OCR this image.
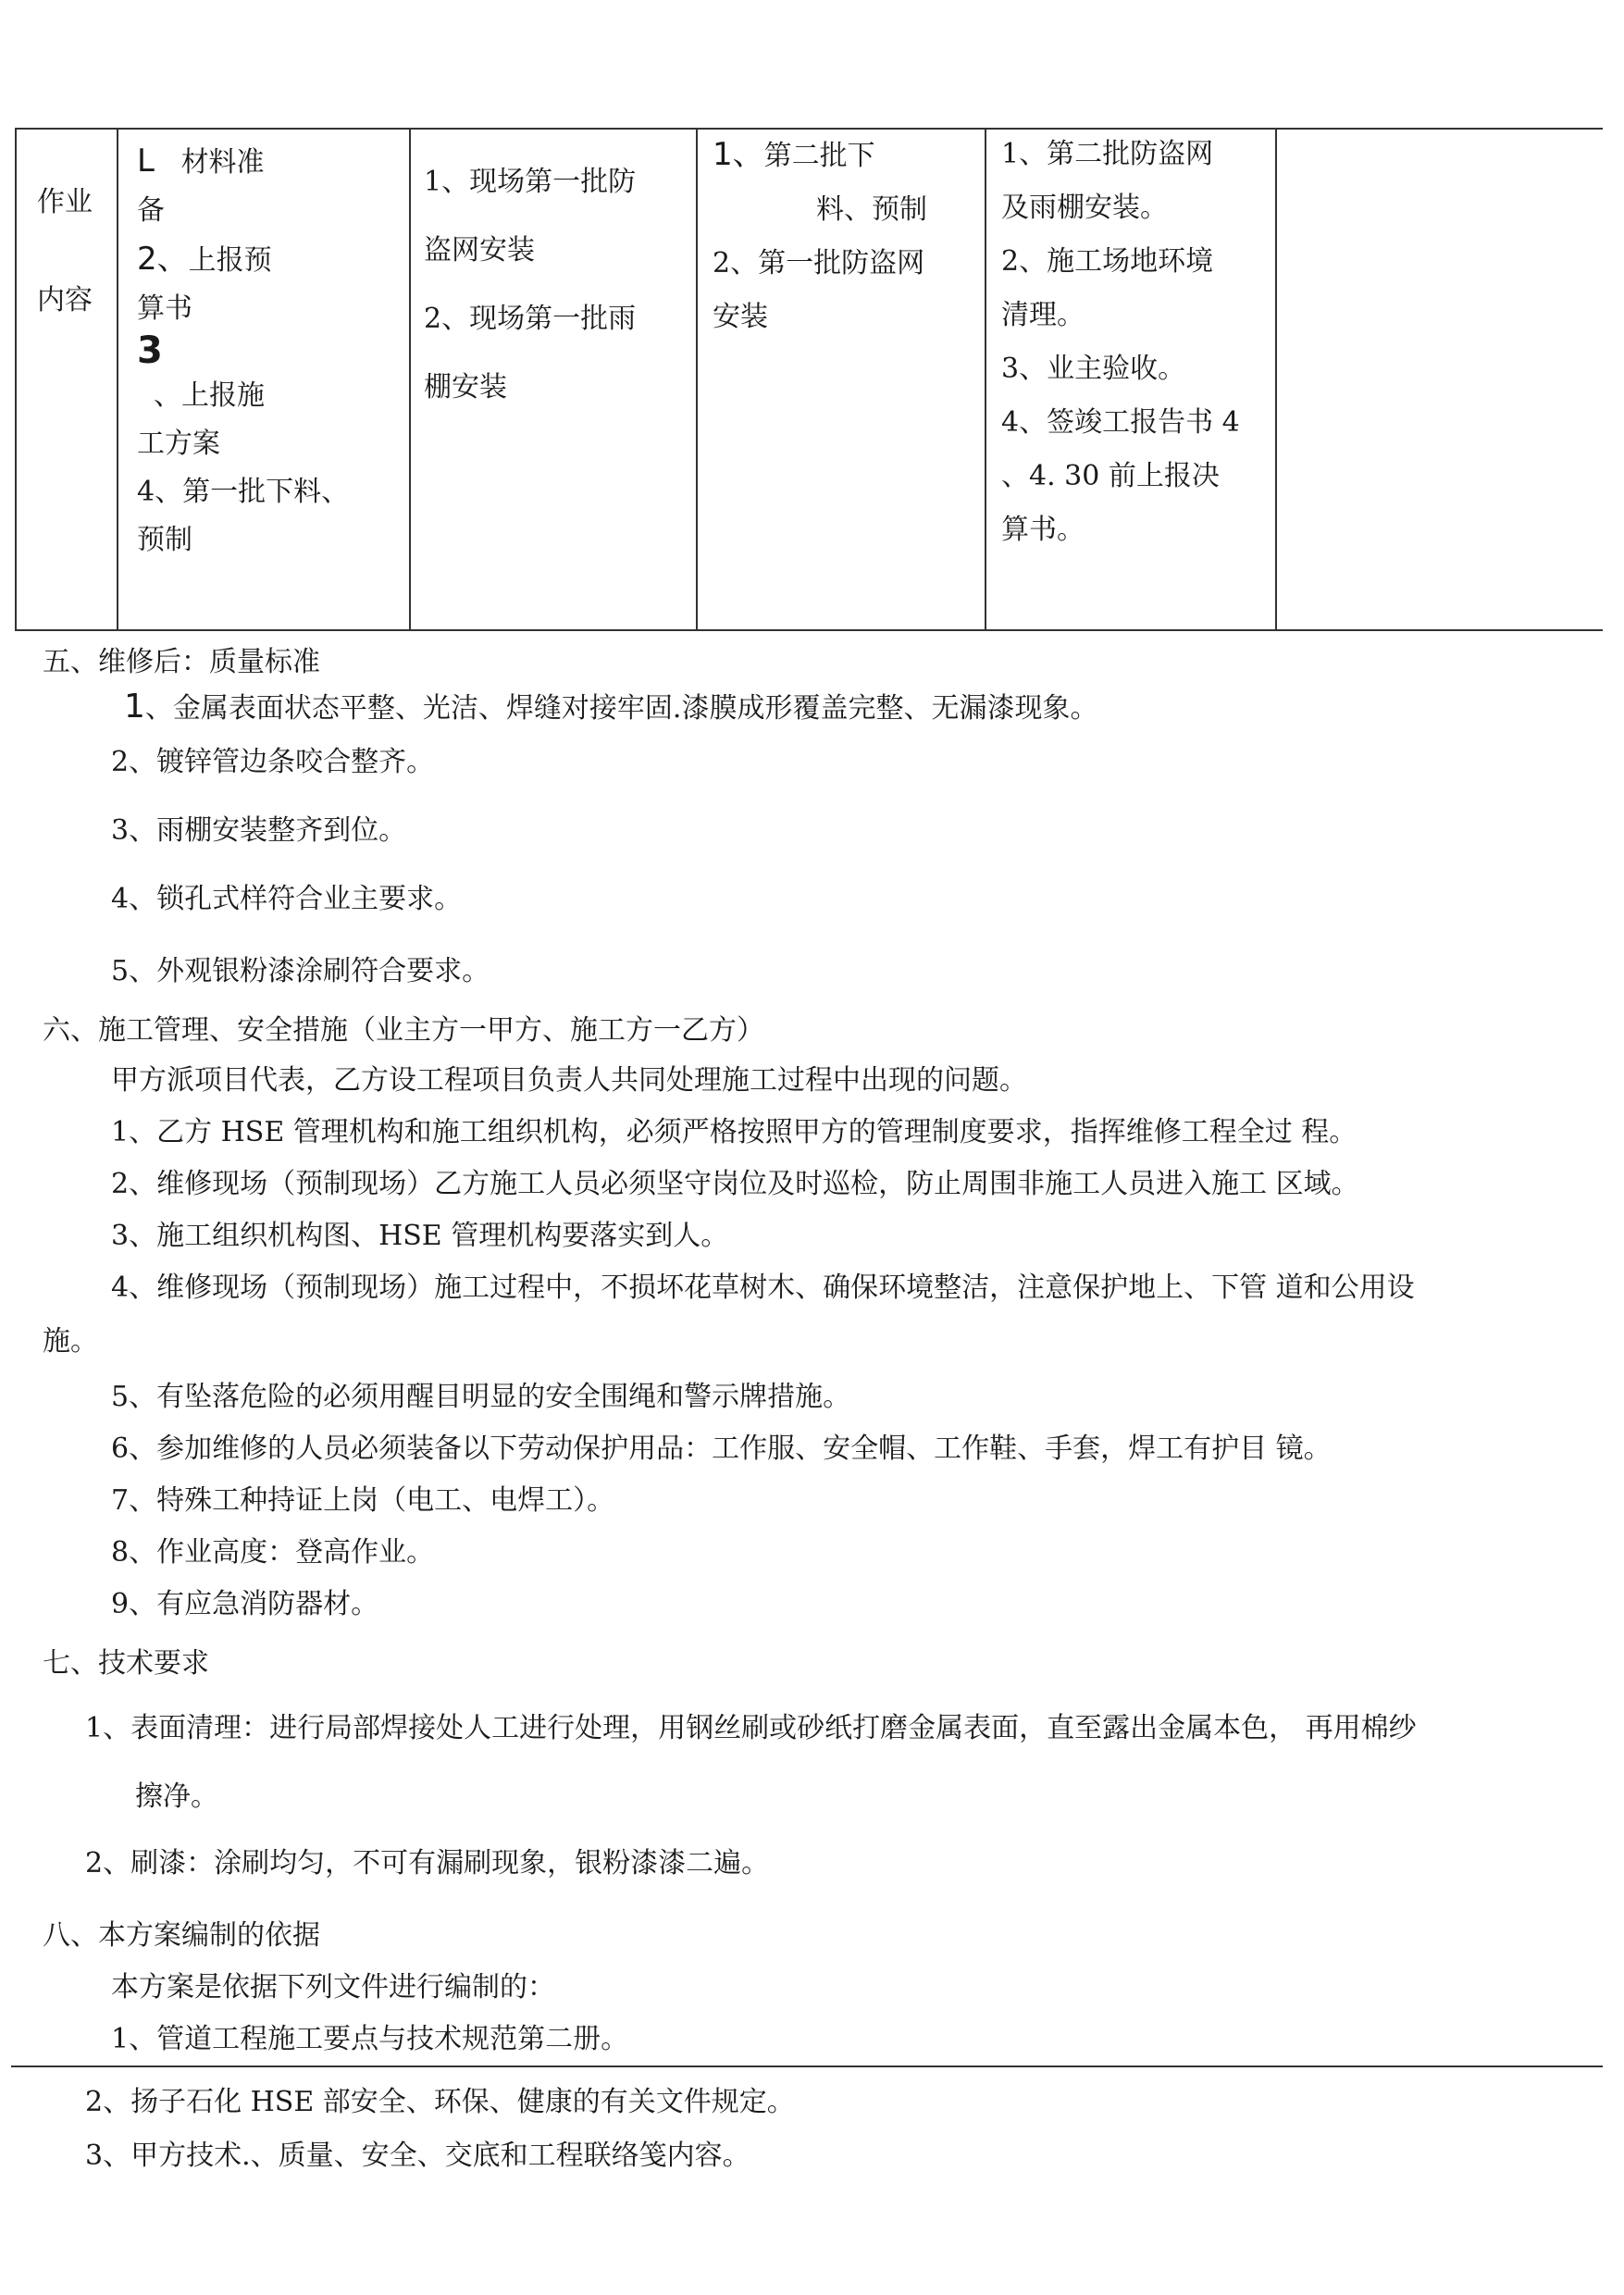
作业
内容
L 材料准
备
2、上报预
算书
3
、上报施
工方案
4、第一批下料、
预制
1、现场第一批防
盗网安装
2、现场第一批雨
棚安装
1、第二批下
料、预制
2、第一批防盗网
安装
1、第二批防盗网
及雨棚安装。
2、施工场地环境
清理。
3、业主验收。
4、签竣工报告书 4
、4. 30 前上报决
算书。
五、维修后：质量标准
1、金属表面状态平整、光洁、焊缝对接牢固.漆膜成形覆盖完整、无漏漆现象。
2、镀锌管边条咬合整齐。
3、雨棚安装整齐到位。
4、锁孔式样符合业主要求。
5、外观银粉漆涂刷符合要求。
六、施工管理、安全措施（业主方一甲方、施工方一乙方）
甲方派项目代表，乙方设工程项目负责人共同处理施工过程中出现的问题。
1、乙方 HSE 管理机构和施工组织机构，必须严格按照甲方的管理制度要求，指挥维修工程全过 程。
2、维修现场（预制现场）乙方施工人员必须坚守岗位及时巡检，防止周围非施工人员进入施工 区域。
3、施工组织机构图、HSE 管理机构要落实到人。
4、维修现场（预制现场）施工过程中，不损坏花草树木、确保环境整洁，注意保护地上、下管 道和公用设
施。
5、有坠落危险的必须用醒目明显的安全围绳和警示牌措施。
6、参加维修的人员必须装备以下劳动保护用品：工作服、安全帽、工作鞋、手套，焊工有护目 镜。
7、特殊工种持证上岗（电工、电焊工）。
8、作业高度：登高作业。
9、有应急消防器材。
七、技术要求
1、表面清理：进行局部焊接处人工进行处理，用钢丝刷或砂纸打磨金属表面，直至露出金属本色， 再用棉纱
擦净。
2、刷漆：涂刷均匀，不可有漏刷现象，银粉漆漆二遍。
八、本方案编制的依据
本方案是依据下列文件进行编制的：
1、管道工程施工要点与技术规范第二册。
2、扬子石化 HSE 部安全、环保、健康的有关文件规定。
3、甲方技术.、质量、安全、交底和工程联络笺内容。
